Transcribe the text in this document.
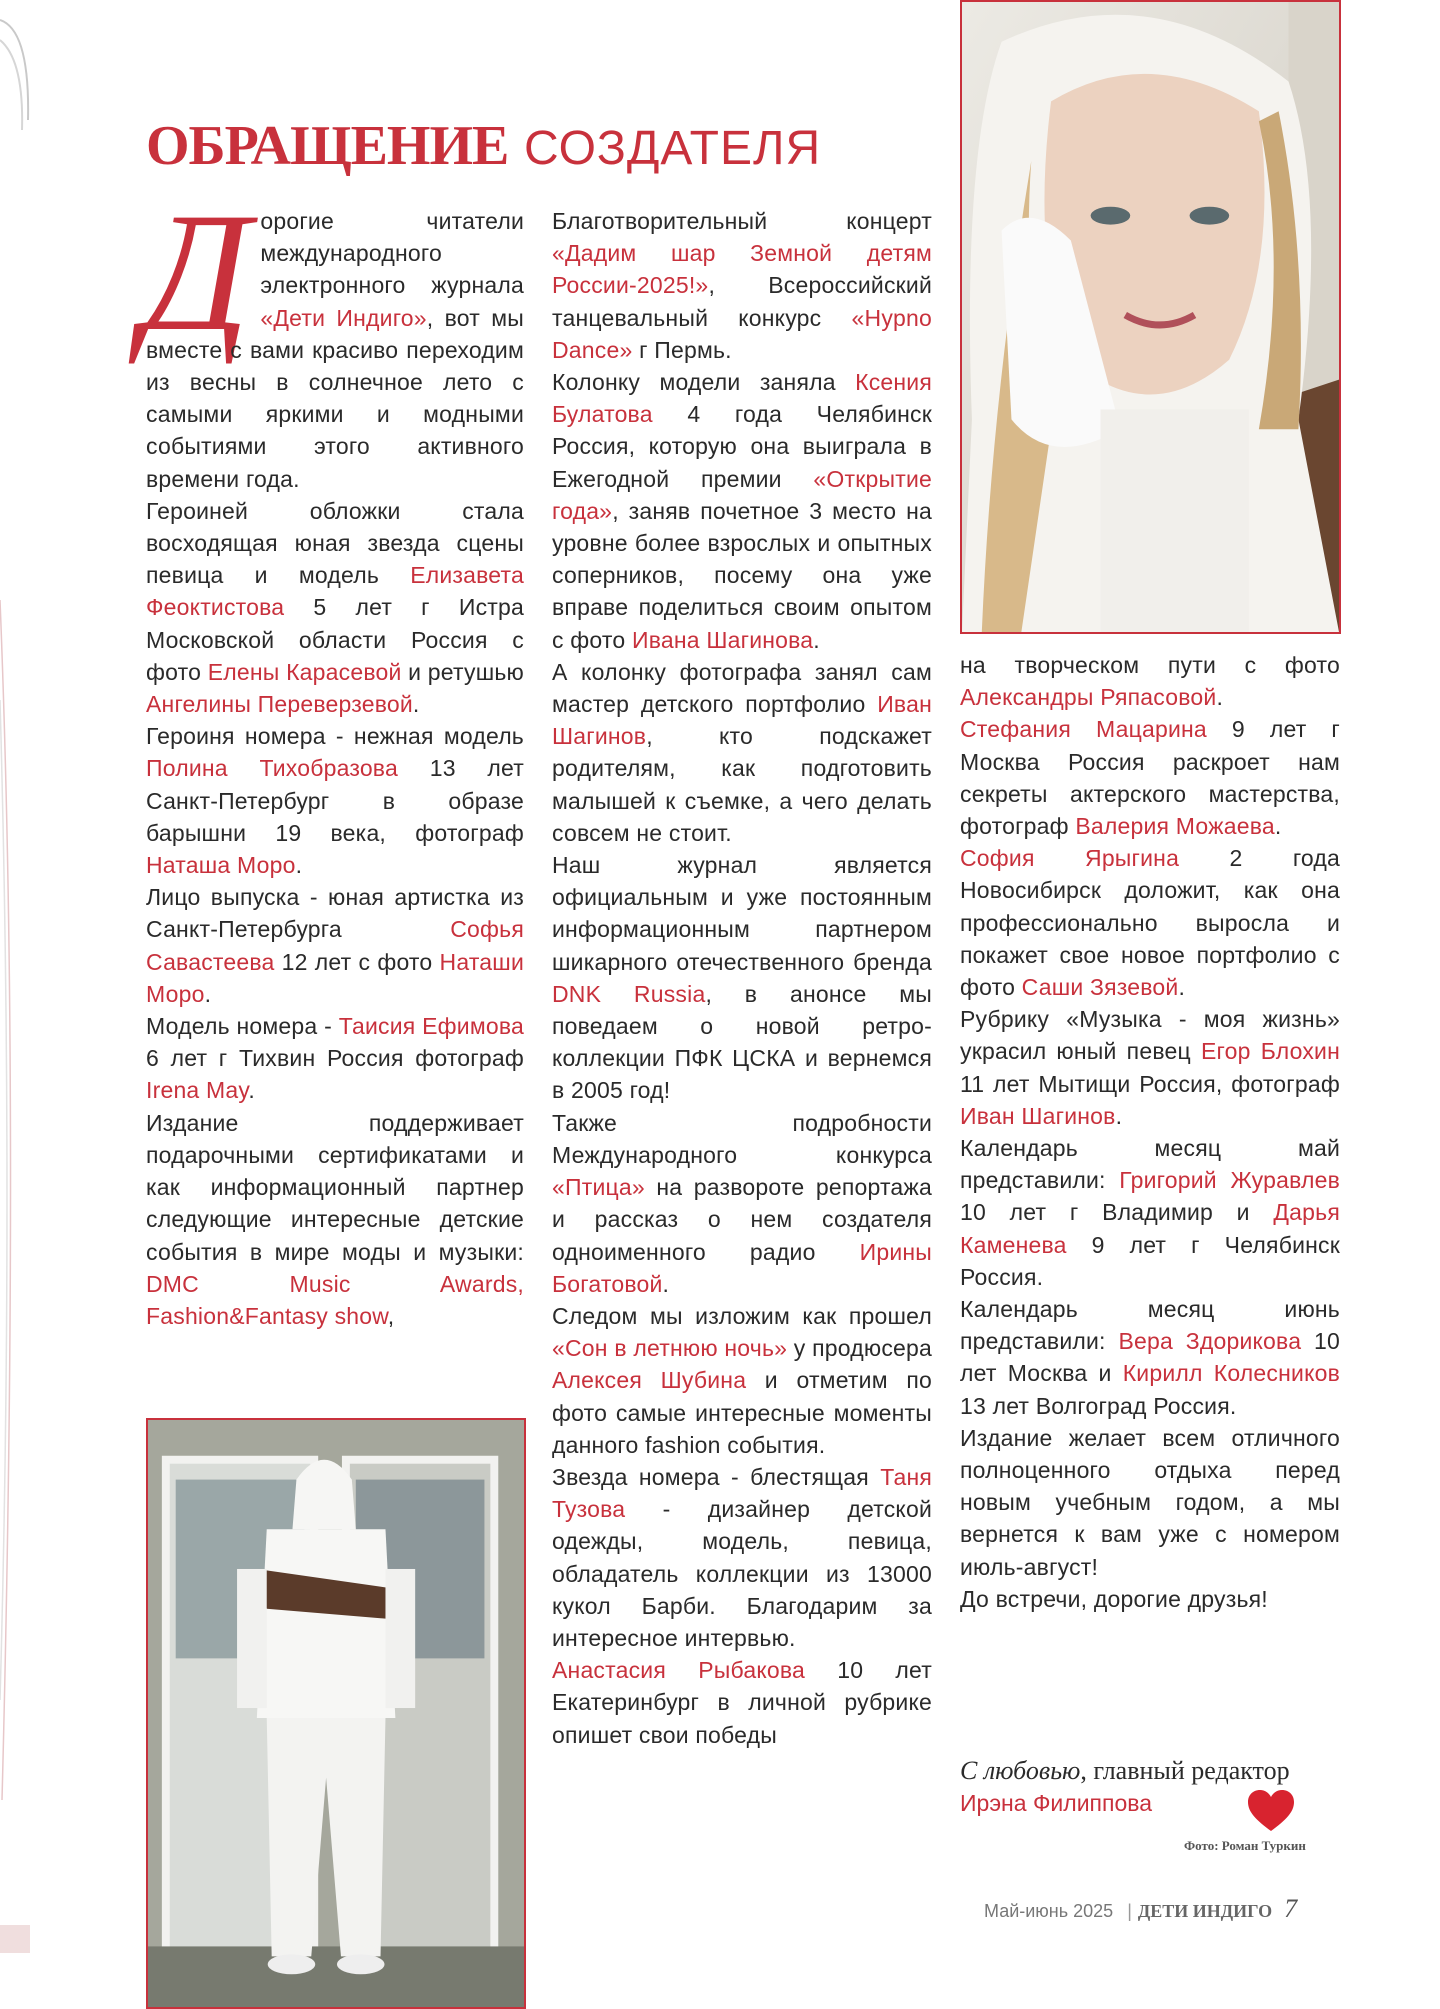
ОБРАЩЕНИЕ СОЗДАТЕЛЯ

Дорогие читатели международного электронного журнала «Дети Индиго», вот мы вместе с вами красиво переходим из весны в солнечное лето с самыми яркими и модными событиями этого активного времени года.

Героиней обложки стала восходящая юная звезда сцены певица и модель Елизавета Феоктистова 5 лет г Истра Московской области Россия с фото Елены Карасевой и ретушью Ангелины Переверзевой.

Героиня номера - нежная модель Полина Тихобразова 13 лет Санкт-Петербург в образе барышни 19 века, фотограф Наташа Моро.

Лицо выпуска - юная артистка из Санкт-Петербурга Софья Савастеева 12 лет с фото Наташи Моро.

Модель номера - Таисия Ефимова 6 лет г Тихвин Россия фотограф Irena May.

Издание поддерживает подарочными сертификатами и как информационный партнер следующие интересные детские события в мире моды и музыки: DMC Music Awards, Fashion&Fantasy show,

Благотворительный концерт «Дадим шар Земной детям России-2025!», Всероссийский танцевальный конкурс «Hypno Dance» г Пермь.

Колонку модели заняла Ксения Булатова 4 года Челябинск Россия, которую она выиграла в Ежегодной премии «Открытие года», заняв почетное 3 место на уровне более взрослых и опытных соперников, посему она уже вправе поделиться своим опытом с фото Ивана Шагинова.

А колонку фотографа занял сам мастер детского портфолио Иван Шагинов, кто подскажет родителям, как подготовить малышей к съемке, а чего делать совсем не стоит.

Наш журнал является официальным и уже постоянным информационным партнером шикарного отечественного бренда DNK Russia, в анонсе мы поведаем о новой ретро-коллекции ПФК ЦСКА и вернемся в 2005 год!

Также подробности Международного конкурса «Птица» на развороте репортажа и рассказ о нем создателя одноименного радио Ирины Богатовой.

Следом мы изложим как прошел «Сон в летнюю ночь» у продюсера Алексея Шубина и отметим по фото самые интересные моменты данного fashion события.

Звезда номера - блестящая Таня Тузова - дизайнер детской одежды, модель, певица, обладатель коллекции из 13000 кукол Барби. Благодарим за интересное интервью.

Анастасия Рыбакова 10 лет Екатеринбург в личной рубрике опишет свои победы

на творческом пути с фото Александры Ряпасовой.

Стефания Мацарина 9 лет г Москва Россия раскроет нам секреты актерского мастерства, фотограф Валерия Можаева.

София Ярыгина 2 года Новосибирск доложит, как она профессионально выросла и покажет свое новое портфолио с фото Саши Зязевой.

Рубрику «Музыка - моя жизнь» украсил юный певец Егор Блохин 11 лет Мытищи Россия, фотограф Иван Шагинов.

Календарь месяц май представили: Григорий Журавлев 10 лет г Владимир и Дарья Каменева 9 лет г Челябинск Россия.

Календарь месяц июнь представили: Вера Здорикова 10 лет Москва и Кирилл Колесников 13 лет Волгоград Россия.

Издание желает всем отличного полноценного отдыха перед новым учебным годом, а мы вернется к вам уже с номером июль-август!

До встречи, дорогие друзья!

С любовью, главный редактор
Ирэна Филиппова
Фото: Роман Туркин
Май-июнь 2025 | ДЕТИ ИНДИГО 7
